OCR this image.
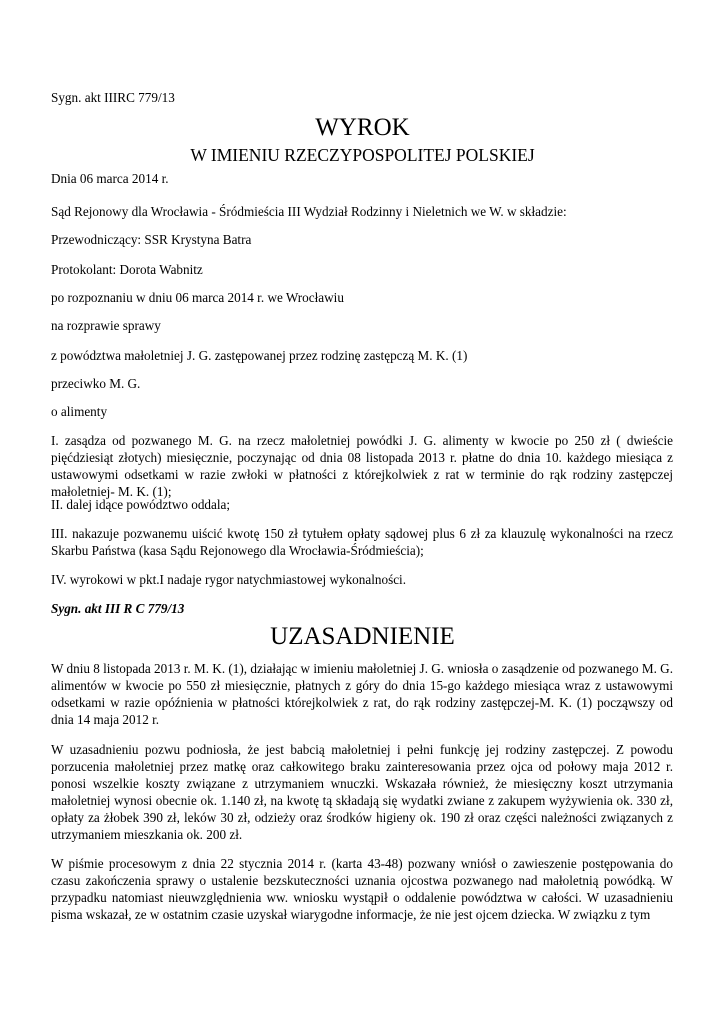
Sygn. akt IIIRC 779/13

WYROK

W IMIENIU RZECZYPOSPOLITEJ POLSKIEJ

Dnia 06 marca 2014 r.

Sąd Rejonowy dla Wrocławia - Śródmieścia III Wydział Rodzinny i Nieletnich we W. w składzie:

Przewodniczący: SSR Krystyna Batra

Protokolant: Dorota Wabnitz

po rozpoznaniu w dniu 06 marca 2014 r. we Wrocławiu

na rozprawie sprawy

z powództwa małoletniej J. G. zastępowanej przez rodzinę zastępczą M. K. (1)

przeciwko M. G.

o alimenty

I. zasądza od pozwanego M. G. na rzecz małoletniej powódki J. G. alimenty w kwocie po 250 zł ( dwieście pięćdziesiąt złotych) miesięcznie, poczynając od dnia 08 listopada 2013 r. płatne do dnia 10. każdego miesiąca z ustawowymi odsetkami w razie zwłoki w płatności z którejkolwiek z rat w terminie do rąk rodziny zastępczej małoletniej- M. K. (1);

II. dalej idące powództwo oddala;

III. nakazuje pozwanemu uiścić kwotę 150 zł tytułem opłaty sądowej plus 6 zł za klauzulę wykonalności na rzecz Skarbu Państwa (kasa Sądu Rejonowego dla Wrocławia-Śródmieścia);

IV. wyrokowi w pkt.I nadaje rygor natychmiastowej wykonalności.

Sygn. akt III R C 779/13

UZASADNIENIE

W dniu 8 listopada 2013 r. M. K. (1), działając w imieniu małoletniej J. G. wniosła o zasądzenie od pozwanego M. G. alimentów w kwocie po 550 zł miesięcznie, płatnych z góry do dnia 15-go każdego miesiąca wraz z ustawowymi odsetkami w razie opóźnienia w płatności którejkolwiek z rat, do rąk rodziny zastępczej-M. K. (1) począwszy od dnia 14 maja 2012 r.

W uzasadnieniu pozwu podniosła, że jest babcią małoletniej i pełni funkcję jej rodziny zastępczej. Z powodu porzucenia małoletniej przez matkę oraz całkowitego braku zainteresowania przez ojca od połowy maja 2012 r. ponosi wszelkie koszty związane z utrzymaniem wnuczki. Wskazała również, że miesięczny koszt utrzymania małoletniej wynosi obecnie ok. 1.140 zł, na kwotę tą składają się wydatki zwiane z zakupem wyżywienia ok. 330 zł, opłaty za żłobek 390 zł, leków 30 zł, odzieży oraz środków higieny ok. 190 zł oraz części należności związanych z utrzymaniem mieszkania ok. 200 zł.

W piśmie procesowym z dnia 22 stycznia 2014 r. (karta 43-48) pozwany wniósł o zawieszenie postępowania do czasu zakończenia sprawy o ustalenie bezskuteczności uznania ojcostwa pozwanego nad małoletnią powódką. W przypadku natomiast nieuwzględnienia ww. wniosku wystąpił o oddalenie powództwa w całości. W uzasadnieniu pisma wskazał, ze w ostatnim czasie uzyskał wiarygodne informacje, że nie jest ojcem dziecka. W związku z tym
